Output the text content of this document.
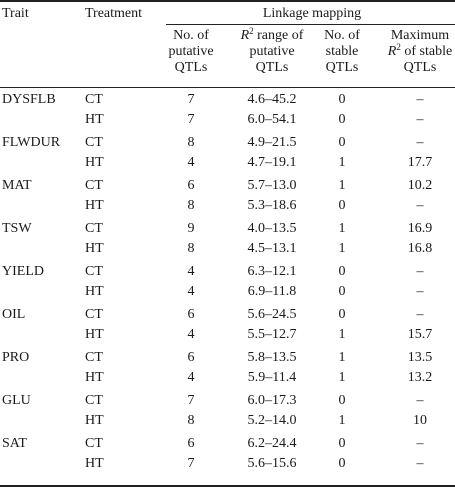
Trait	Treatment	Linkage mapping
No. of
putative
QTLs
$R^2$ range of
putative
QTLs
No. of
stable
QTLs
Maximum
$R^2$ of stable
QTLs
DYSFLB CT	7	4.6–45.2	0	–
HT	7	6.0–54.1	0	–
FLWDUR CT	8	4.9–21.5	0	–
HT	4	4.7–19.1	1	17.7
MAT	CT	6	5.7–13.0	1	10.2
HT	8	5.3–18.6	0	–
TSW	CT	9	4.0–13.5	1	16.9
HT	8	4.5–13.1	1	16.8
YIELD	CT	4	6.3–12.1	0	–
HT	4	6.9–11.8	0	–
OIL	CT	6	5.6–24.5	0	–
HT	4	5.5–12.7	1	15.7
PRO	CT	6	5.8–13.5	1	13.5
HT	4	5.9–11.4	1	13.2
GLU	CT	7	6.0–17.3	0	–
HT	8	5.2–14.0	1	10
SAT	CT	6	6.2–24.4	0	–
HT	7	5.6–15.6	0	–
